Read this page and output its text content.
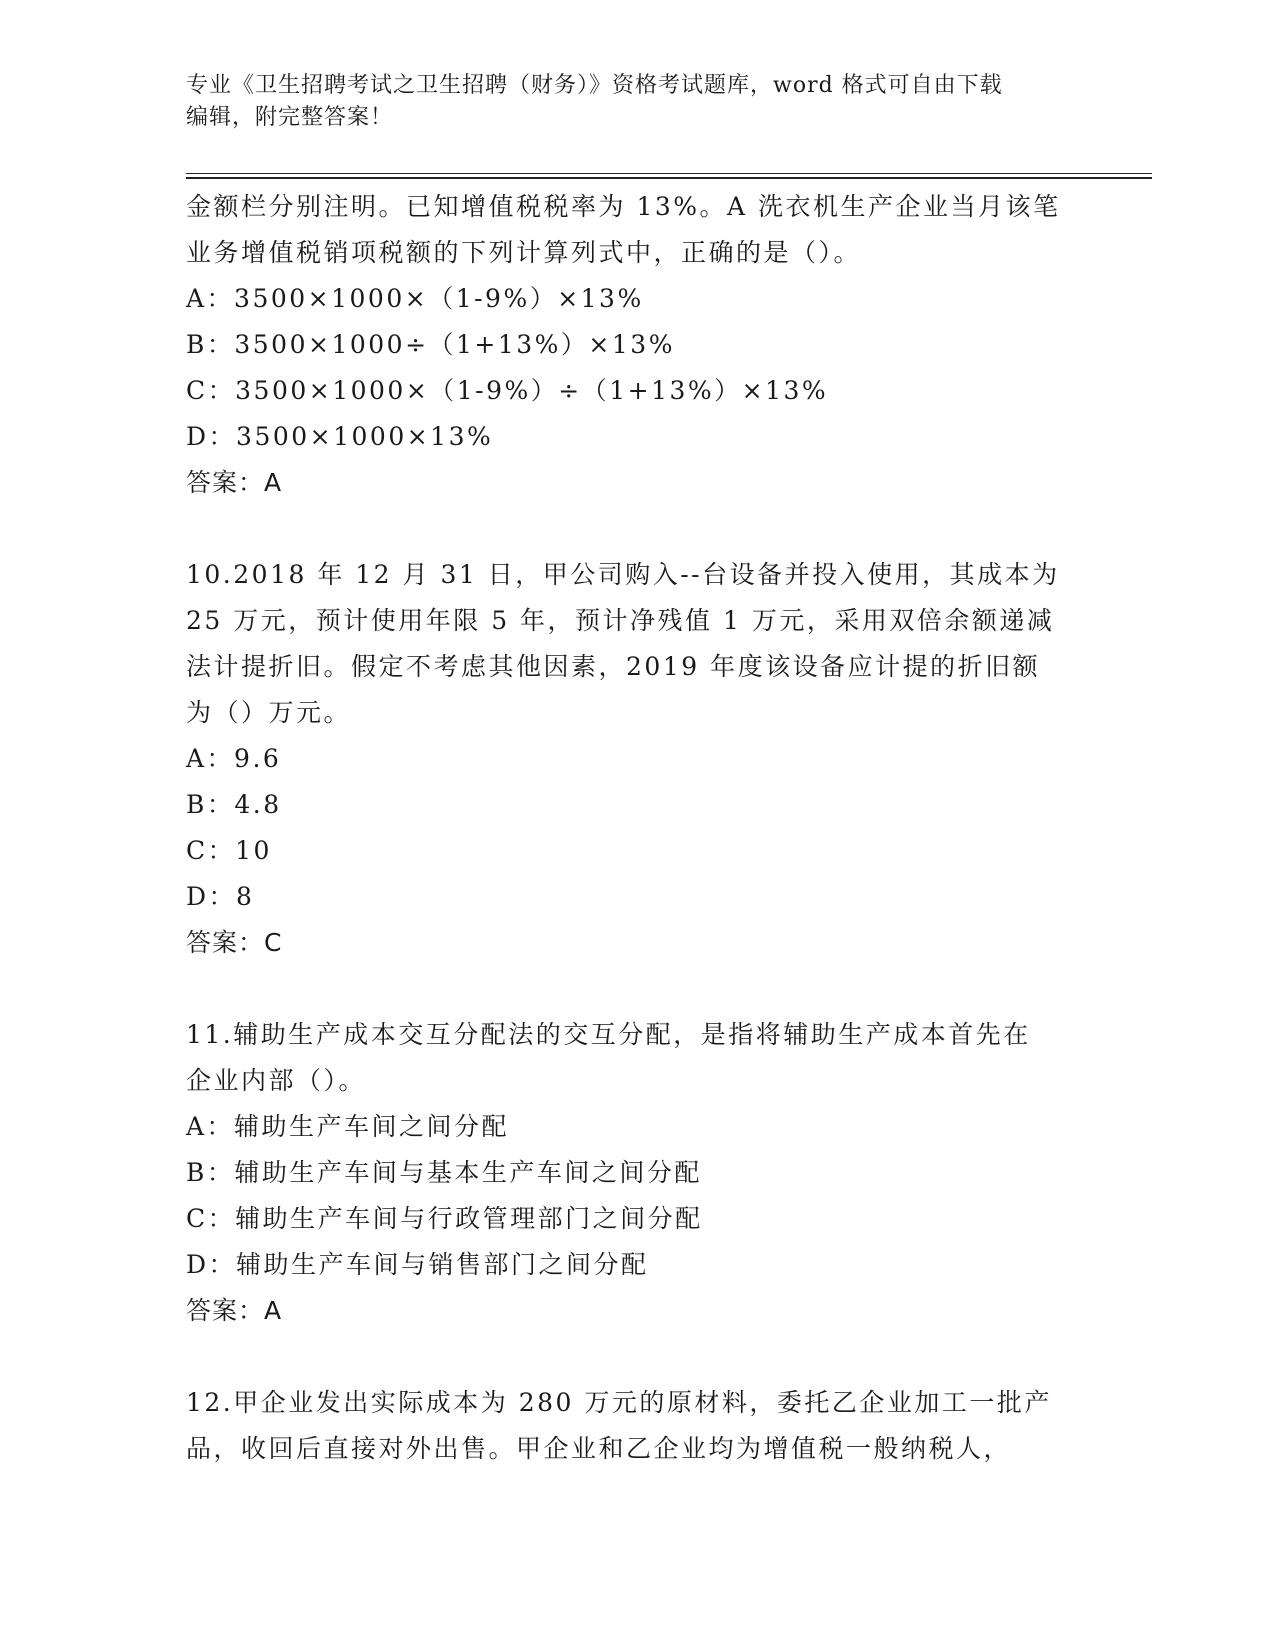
专业《卫生招聘考试之卫生招聘（财务）》资格考试题库，word 格式可自由下载
编辑，附完整答案！

金额栏分别注明。已知增值税税率为 13%。A 洗衣机生产企业当月该笔

业务增值税销项税额的下列计算列式中，正确的是（）。

A：3500×1000×（1-9%）×13%

B：3500×1000÷（1+13%）×13%

C：3500×1000×（1-9%）÷（1+13%）×13%

D：3500×1000×13%

答案：A

10.2018 年 12 月 31 日，甲公司购入--台设备并投入使用，其成本为

25 万元，预计使用年限 5 年，预计净残值 1 万元，采用双倍余额递减

法计提折旧。假定不考虑其他因素，2019 年度该设备应计提的折旧额

为（）万元。

A：9.6

B：4.8

C：10

D：8

答案：C

11.辅助生产成本交互分配法的交互分配，是指将辅助生产成本首先在

企业内部（）。

A：辅助生产车间之间分配

B：辅助生产车间与基本生产车间之间分配

C：辅助生产车间与行政管理部门之间分配

D：辅助生产车间与销售部门之间分配

答案：A

12.甲企业发出实际成本为 280 万元的原材料，委托乙企业加工一批产

品，收回后直接对外出售。甲企业和乙企业均为增值税一般纳税人，
